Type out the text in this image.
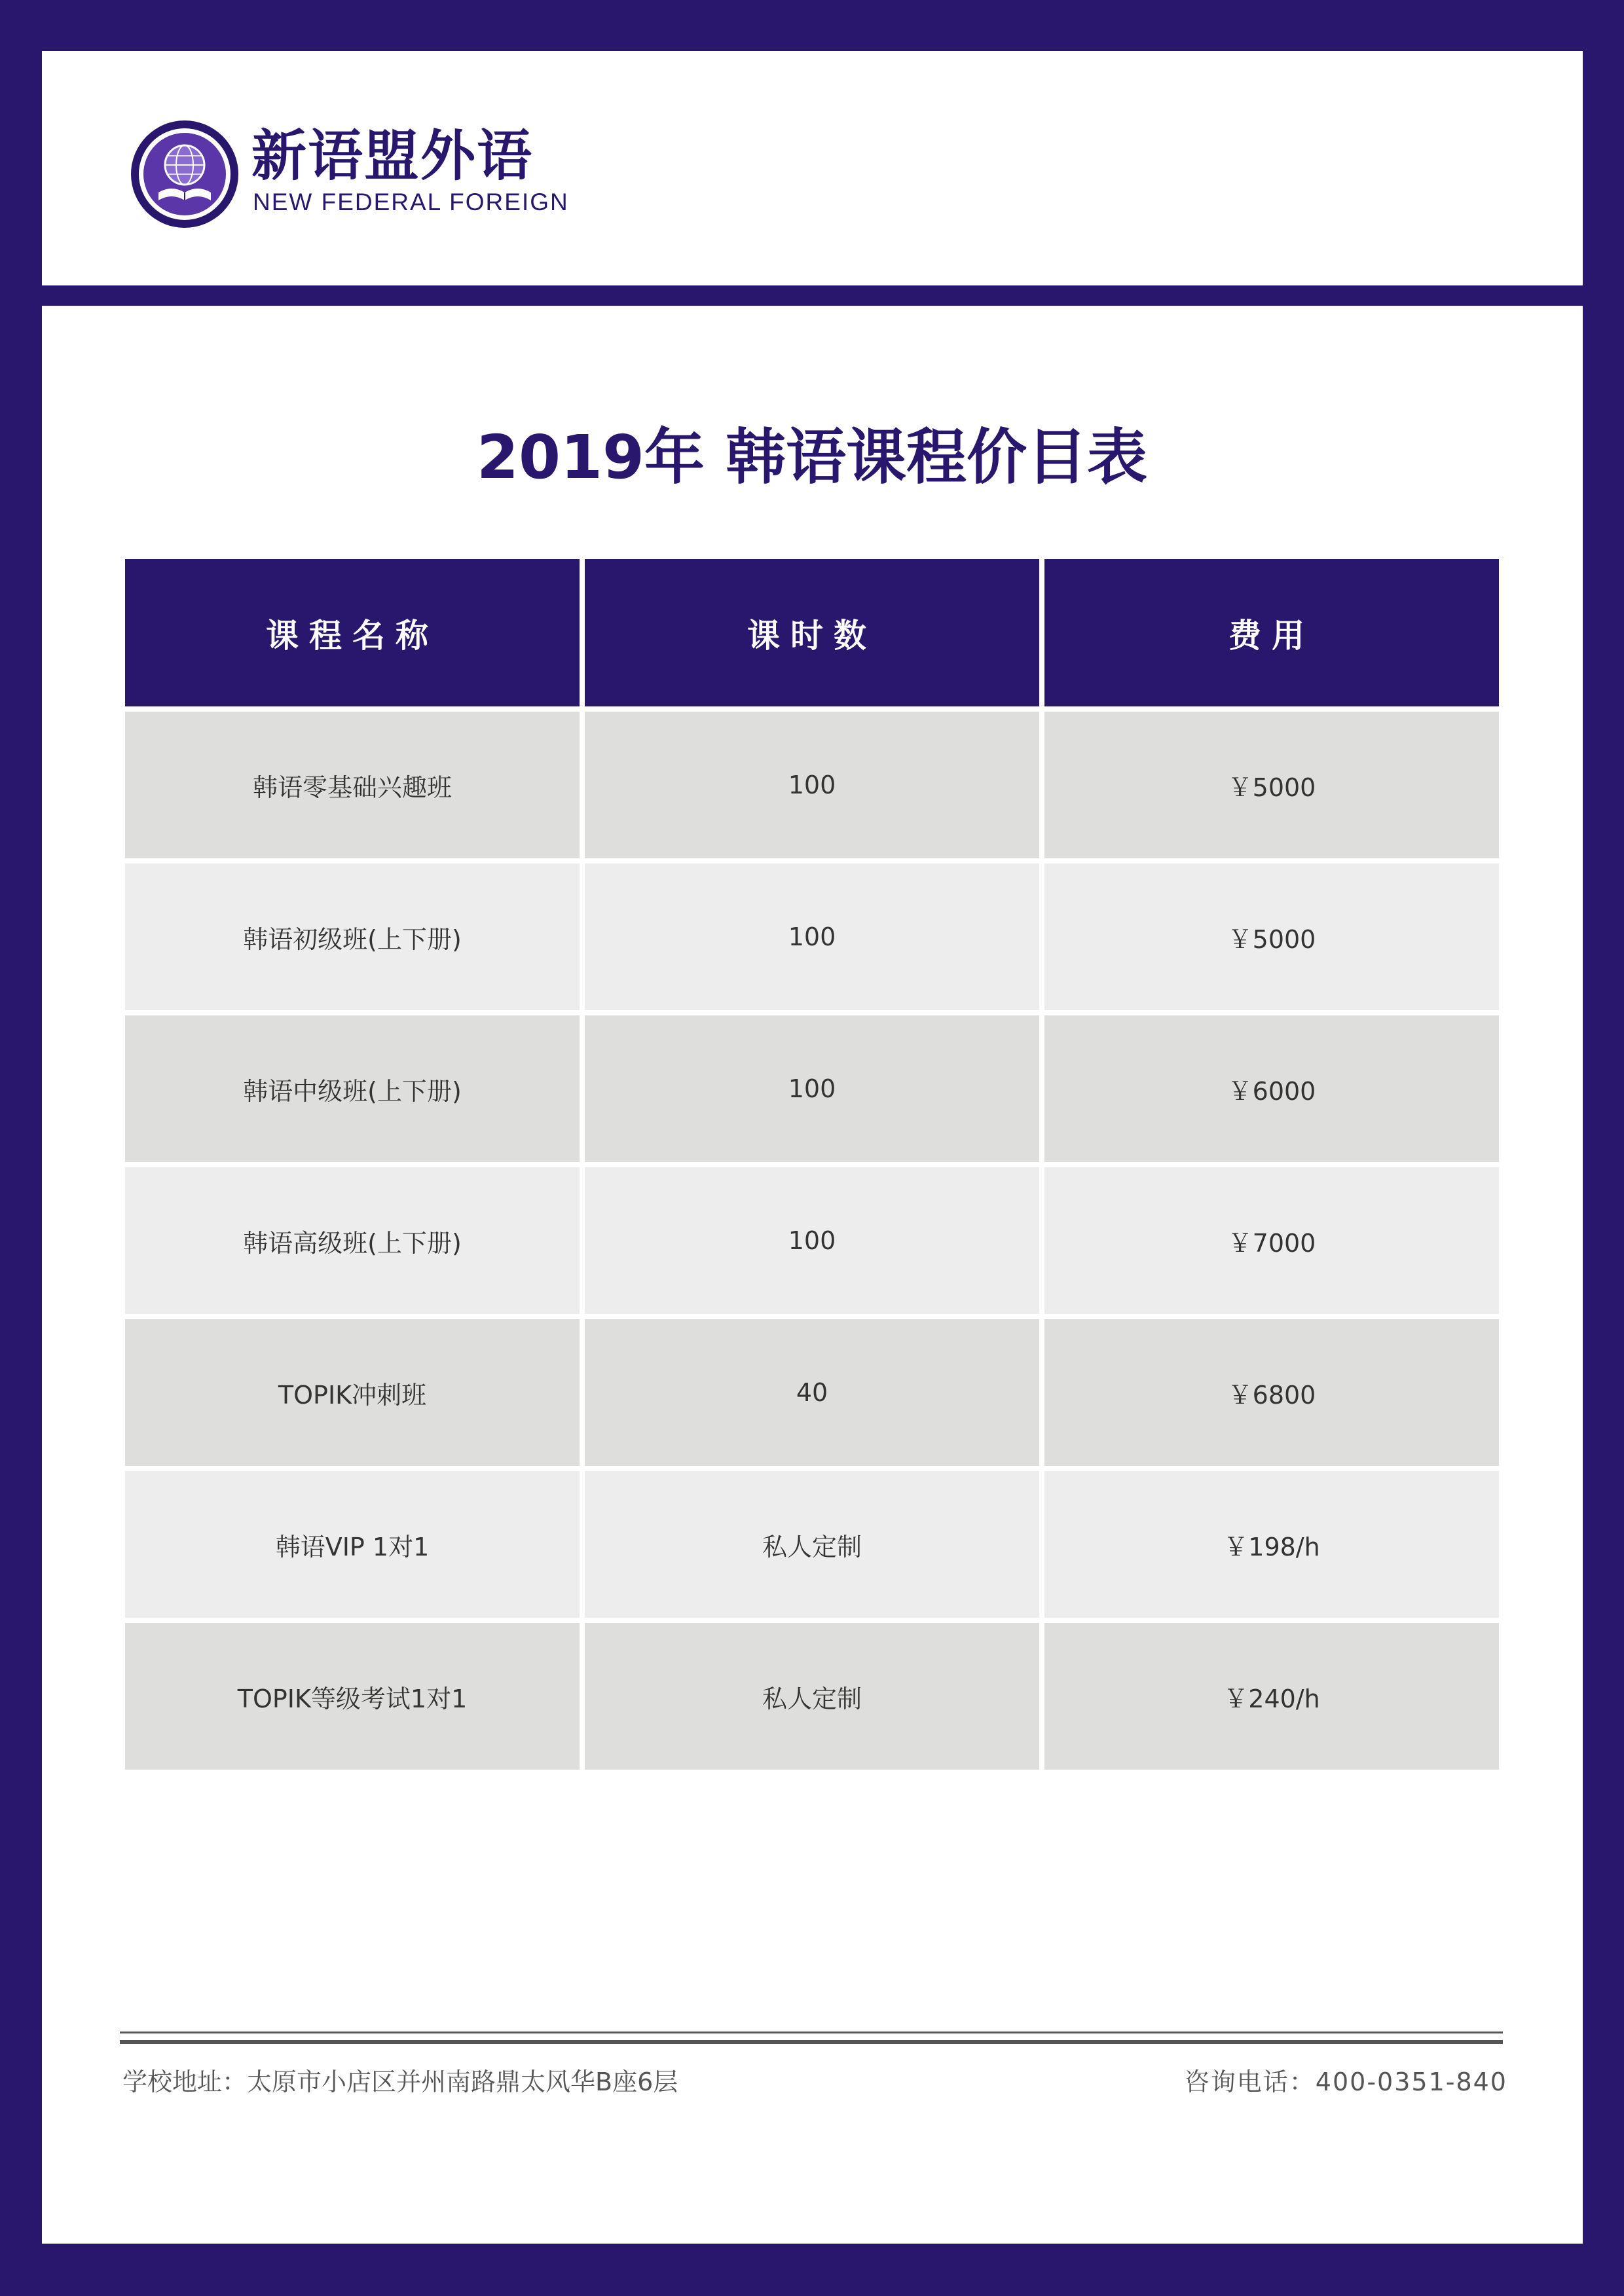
新语盟外语

NEW FEDERAL FOREIGN

2019年 韩语课程价目表
课程名称	课时数	费用
韩语零基础兴趣班	100	￥5000
韩语初级班(上下册)	100	￥5000
韩语中级班(上下册)	100	￥6000
韩语高级班(上下册)	100	￥7000
TOPIK冲刺班	40	￥6800
韩语VIP 1对1	私人定制	￥198/h
TOPIK等级考试1对1	私人定制	￥240/h

学校地址：太原市小店区并州南路鼎太风华B座6层	咨询电话：400-0351-840
